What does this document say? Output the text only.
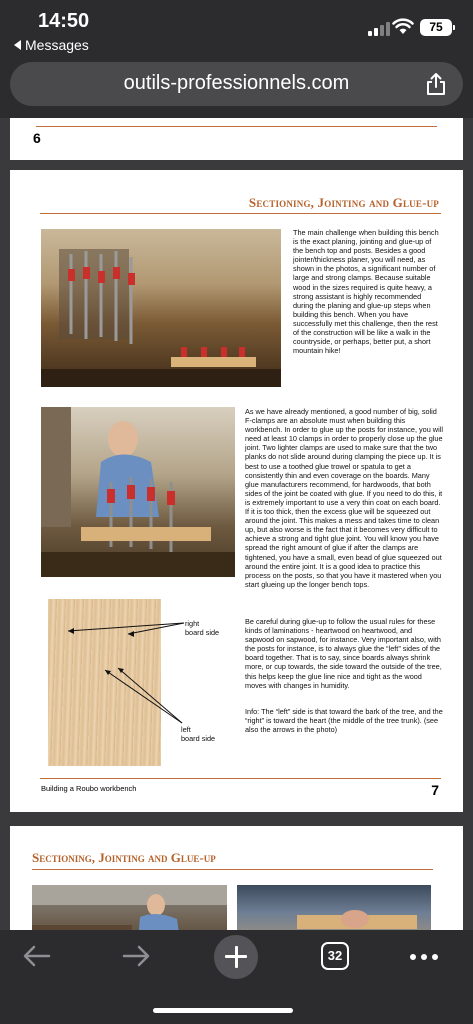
14:50
Messages
75
outils-professionnels.com
6
Sectioning, Jointing and Glue-up
The main challenge when building this bench is the exact planing, jointing and glue-up of the bench top and posts. Besides a good jointer/thickness planer, you will need, as shown in the photos, a significant number of large and strong clamps. Because suitable wood in the sizes required is quite heavy, a strong assistant is highly recommended during the planing and glue-up steps when building this bench. When you have successfully met this challenge, then the rest of the construction will be like a walk in the countryside, or perhaps, better put, a short mountain hike!
As we have already mentioned, a good number of big, solid F-clamps are an absolute must when building this workbench. In order to glue up the posts for instance, you will need at least 10 clamps in order to properly close up the glue joint. Two lighter clamps are used to make sure that the two planks do not slide around during clamping the piece up. It is best to use a toothed glue trowel or spatula to get a consistently thin and even coverage on the boards. Many glue manufacturers recommend, for hardwoods, that both sides of the joint be coated with glue. If you need to do this, it is extremely important to use a very thin coat on each board. If it is too thick, then the excess glue will be squeezed out around the joint. This makes a mess and takes time to clean up, but also worse is the fact that it becomes very difficult to achieve a strong and tight glue joint. You will know you have spread the right amount of glue if after the clamps are tightened, you have a small, even bead of glue squeezed out around the entire joint. It is a good idea to practice this process on the posts, so that you have it mastered when you start glueing up the longer bench tops.
right
board side
left
board side
Be careful during glue-up to follow the usual rules for these kinds of laminations - heartwood on heartwood, and sapwood on sapwood, for instance. Very important also, with the posts for instance, is to always glue the “left” sides of the board together. That is to say, since boards always shrink more, or cup towards, the side toward the outside of the tree, this helps keep the glue line nice and tight as the wood moves with changes in humidity.
Info: The “left” side is that toward the bark of the tree, and the “right” is toward the heart (the middle of the tree trunk). (see also the arrows in the photo)
Building a Roubo workbench	7
Sectioning, Jointing and Glue-up
32
